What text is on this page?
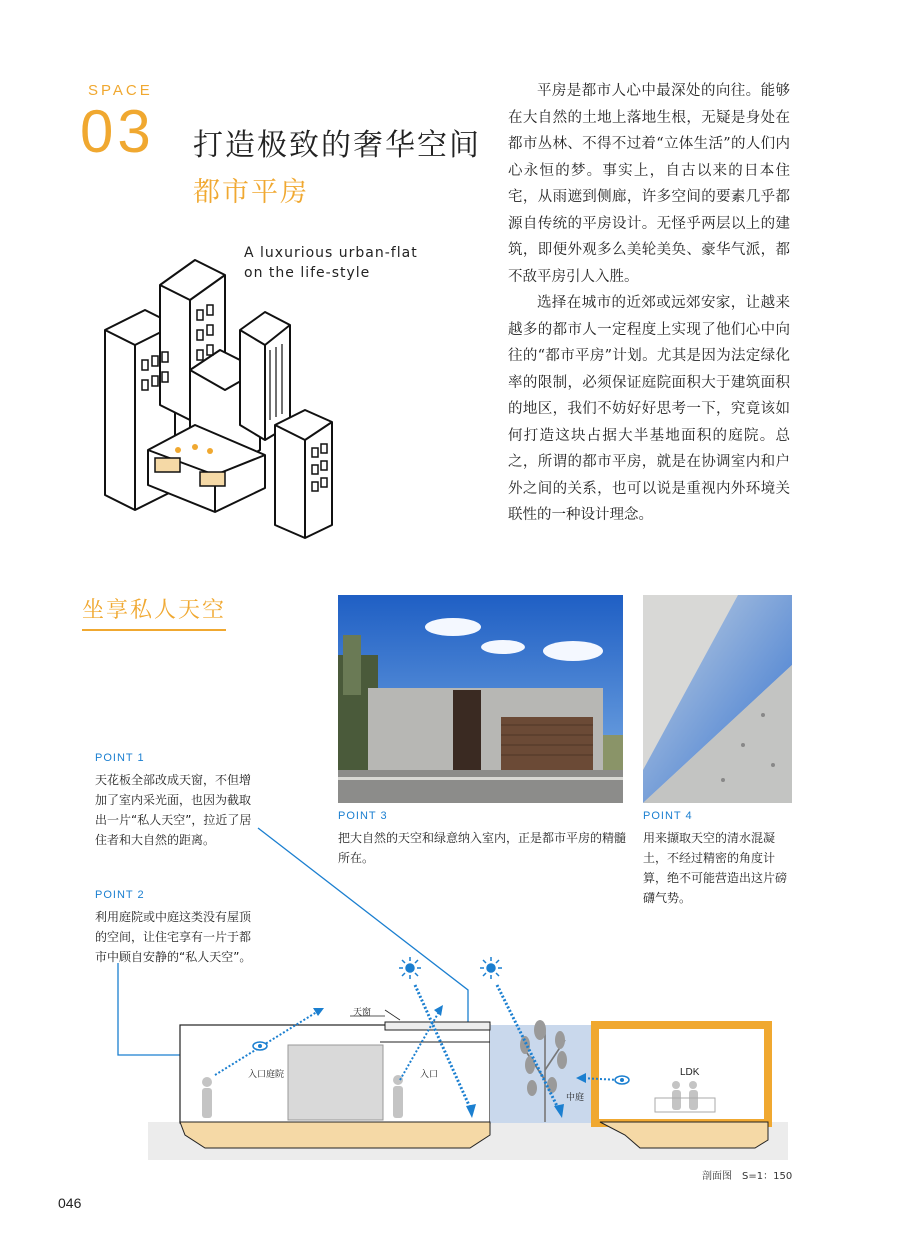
SPACE
03 打造极致的奢华空间
都市平房
A luxurious urban-flat
on the life-style

平房是都市人心中最深处的向往。能够在大自然的土地上落地生根，无疑是身处在都市丛林、不得不过着“立体生活”的人们内心永恒的梦。事实上，自古以来的日本住宅，从雨遮到侧廊，许多空间的要素几乎都源自传统的平房设计。无怪乎两层以上的建筑，即便外观多么美轮美奂、豪华气派，都不敌平房引人入胜。

选择在城市的近郊或远郊安家，让越来越多的都市人一定程度上实现了他们心中向往的“都市平房”计划。尤其是因为法定绿化率的限制，必须保证庭院面积大于建筑面积的地区，我们不妨好好思考一下，究竟该如何打造这块占据大半基地面积的庭院。总之，所谓的都市平房，就是在协调室内和户外之间的关系，也可以说是重视内外环境关联性的一种设计理念。

坐享私人天空
POINT 1
天花板全部改成天窗，不但增加了室内采光面，也因为截取出一片“私人天空”，拉近了居住者和大自然的距离。
POINT 2
利用庭院或中庭这类没有屋顶的空间，让住宅享有一片于都市中顾自安静的“私人天空”。
POINT 3
把大自然的天空和绿意纳入室内，正是都市平房的精髓所在。
POINT 4
用来撷取天空的清水混凝土，不经过精密的角度计算，绝不可能营造出这片磅礴气势。
天窗
入口庭院	入口
中庭
LDK
剖面图　S=1：150
046
